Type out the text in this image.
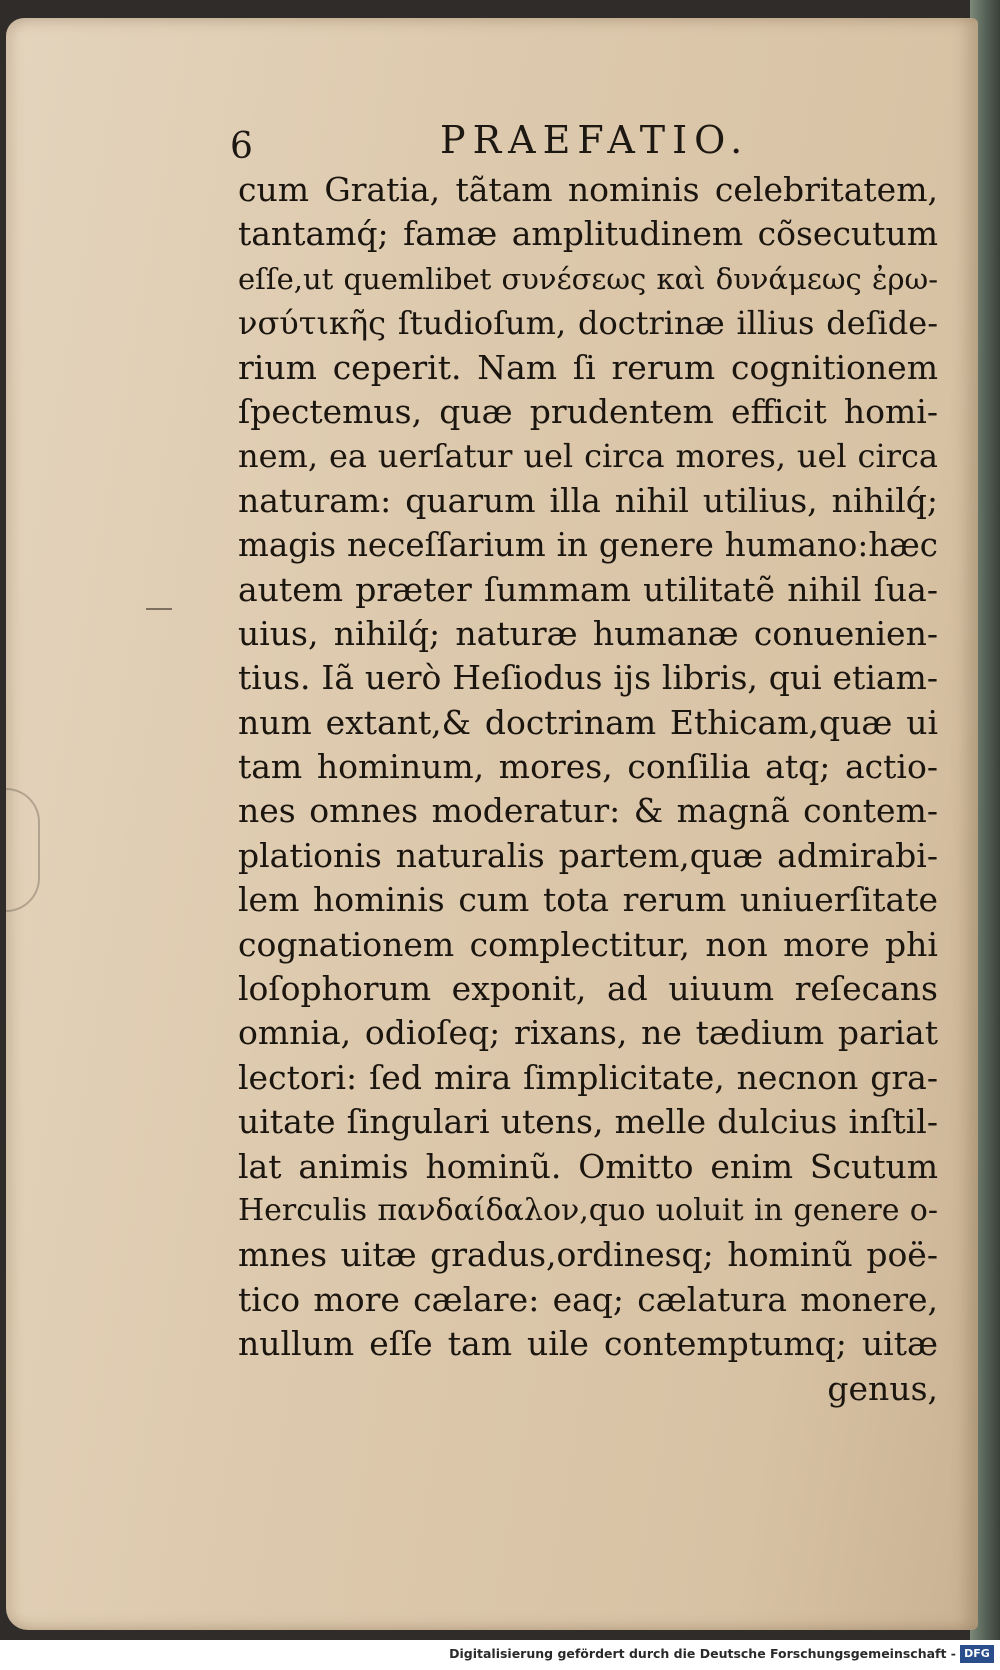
6	PRAEFATIO.
cum Gratia, tãtam nominis celebritatem,
tantamq́; famæ amplitudinem cõsecutum
eſſe,ut quemlibet συνέσεως καὶ δυνάμεως ἐρω-
νσύτικῆς ſtudioſum, doctrinæ illius deſide-
rium ceperit. Nam ſi rerum cognitionem
ſpectemus, quæ prudentem efficit homi-
nem, ea uerſatur uel circa mores, uel circa
naturam: quarum illa nihil utilius, nihilq́;
magis neceſſarium in genere humano:hæc
autem præter ſummam utilitatẽ nihil ſua-
uius, nihilq́; naturæ humanæ conuenien-
tius. Iã uerò Heſiodus ijs libris, qui etiam-
num extant,& doctrinam Ethicam,quæ ui
tam hominum, mores, conſilia atq; actio-
nes omnes moderatur: & magnã contem-
plationis naturalis partem,quæ admirabi-
lem hominis cum tota rerum uniuerſitate
cognationem complectitur, non more phi
loſophorum exponit, ad uiuum reſecans
omnia, odioſeq; rixans, ne tædium pariat
lectori: ſed mira ſimplicitate, necnon gra-
uitate ſingulari utens, melle dulcius inſtil-
lat animis hominũ. Omitto enim Scutum
Herculis πανδαίδαλον,quo uoluit in genere o-
mnes uitæ gradus,ordinesq; hominũ poë-
tico more cælare: eaq; cælatura monere,
nullum eſſe tam uile contemptumq; uitæ
genus,
Digitalisierung gefördert durch die Deutsche Forschungsgemeinschaft - DFG
